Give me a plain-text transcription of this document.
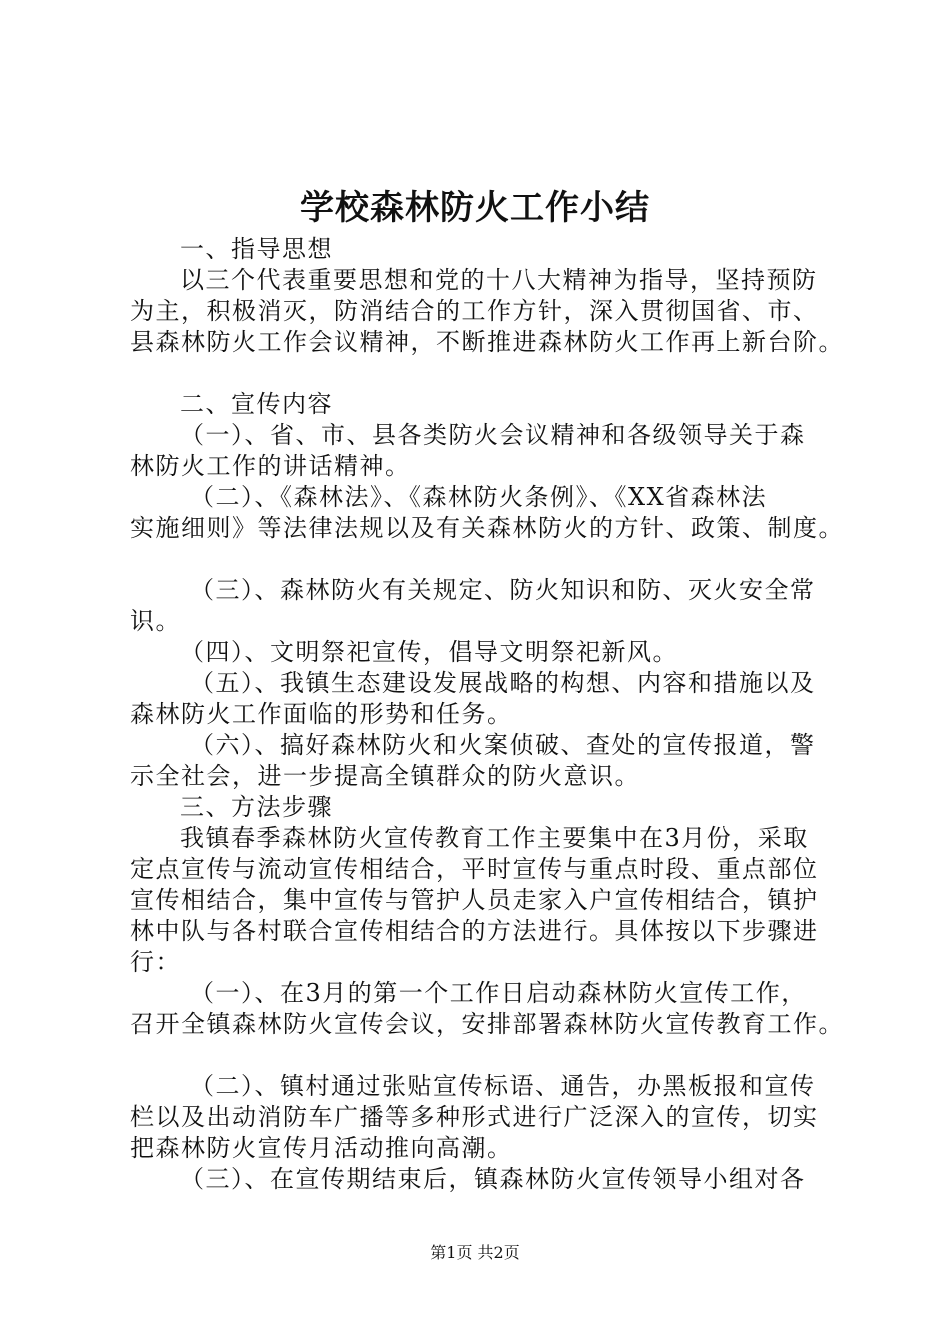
学校森林防火工作小结
一、指导思想
以三个代表重要思想和党的十八大精神为指导，坚持预防
为主，积极消灭，防消结合的工作方针，深入贯彻国省、市、
县森林防火工作会议精神，不断推进森林防火工作再上新台阶。
二、宣传内容
（一）、省、市、县各类防火会议精神和各级领导关于森
林防火工作的讲话精神。
（二）、《森林法》、《森林防火条例》、《XX省森林法
实施细则》等法律法规以及有关森林防火的方针、政策、制度。
（三）、森林防火有关规定、防火知识和防、灭火安全常
识。
（四）、文明祭祀宣传，倡导文明祭祀新风。
（五）、我镇生态建设发展战略的构想、内容和措施以及
森林防火工作面临的形势和任务。
（六）、搞好森林防火和火案侦破、查处的宣传报道，警
示全社会，进一步提高全镇群众的防火意识。
三、方法步骤
我镇春季森林防火宣传教育工作主要集中在3月份，采取
定点宣传与流动宣传相结合，平时宣传与重点时段、重点部位
宣传相结合，集中宣传与管护人员走家入户宣传相结合，镇护
林中队与各村联合宣传相结合的方法进行。具体按以下步骤进
行：
（一）、在3月的第一个工作日启动森林防火宣传工作，
召开全镇森林防火宣传会议，安排部署森林防火宣传教育工作。
（二）、镇村通过张贴宣传标语、通告，办黑板报和宣传
栏以及出动消防车广播等多种形式进行广泛深入的宣传，切实
把森林防火宣传月活动推向高潮。
（三）、在宣传期结束后，镇森林防火宣传领导小组对各
第1页 共2页
